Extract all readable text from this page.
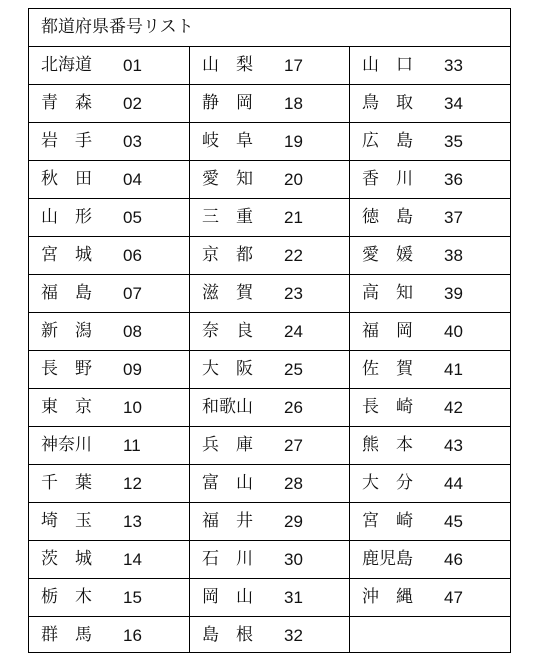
都道府県番号リスト
北海道 01
青　森 02
岩　手 03
秋　田 04
山　形 05
宮　城 06
福　島 07
新　潟 08
長　野 09
東　京 10
神奈川 11
千　葉 12
埼　玉 13
茨　城 14
栃　木 15
群　馬 16
山　梨 17
静　岡 18
岐　阜 19
愛　知 20
三　重 21
京　都 22
滋　賀 23
奈　良 24
大　阪 25
和歌山 26
兵　庫 27
富　山 28
福　井 29
石　川 30
岡　山 31
島　根 32
山　口 33
鳥　取 34
広　島 35
香　川 36
徳　島 37
愛　媛 38
高　知 39
福　岡 40
佐　賀 41
長　崎 42
熊　本 43
大　分 44
宮　崎 45
鹿児島 46
沖　縄 47
